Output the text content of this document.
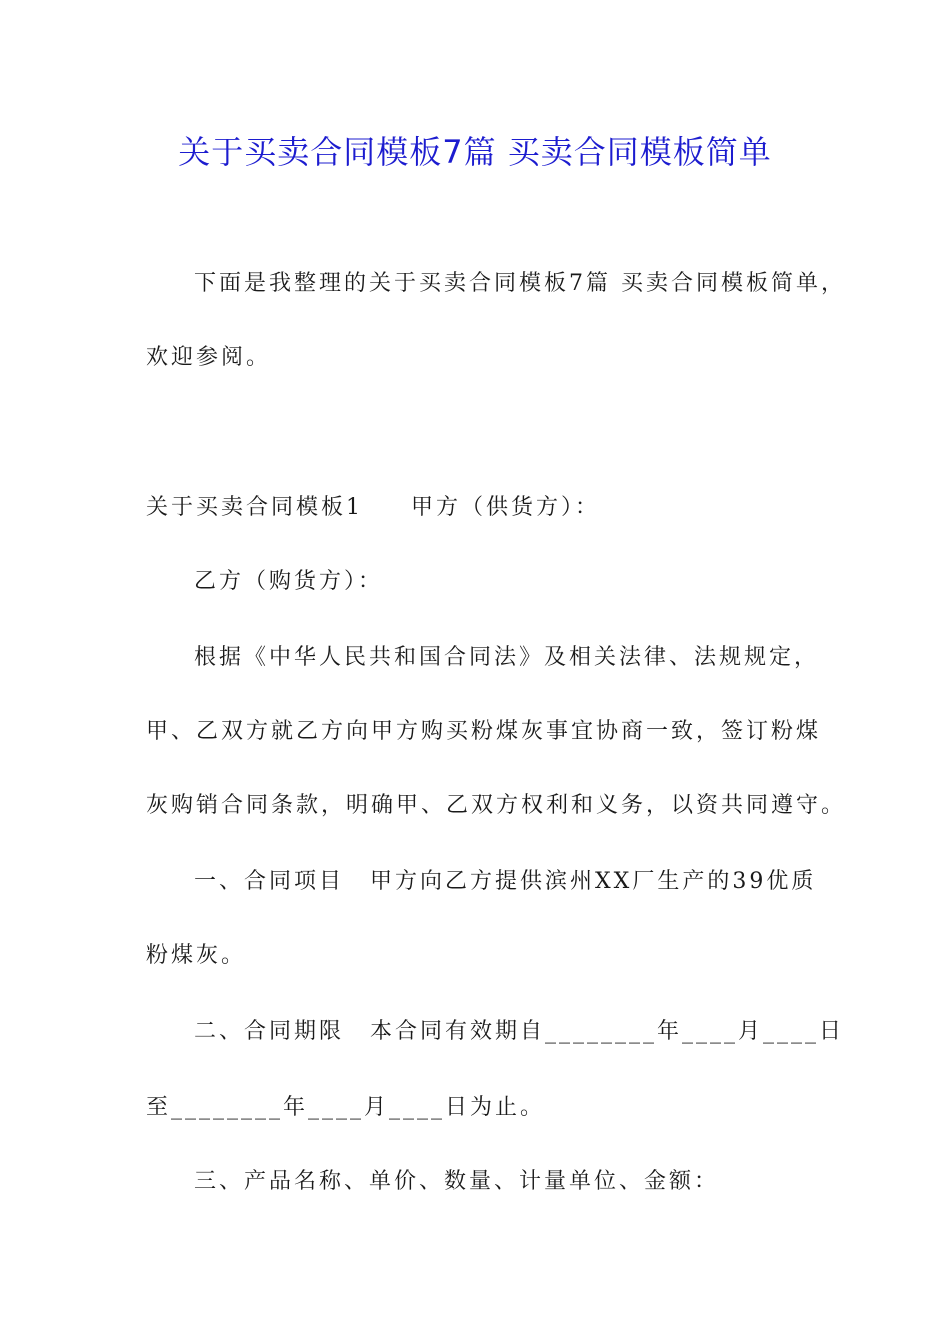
关于买卖合同模板7篇 买卖合同模板简单
下面是我整理的关于买卖合同模板7篇 买卖合同模板简单，
欢迎参阅。
关于买卖合同模板1 甲方（供货方）：
乙方（购货方）：
根据《中华人民共和国合同法》及相关法律、法规规定，
甲、乙双方就乙方向甲方购买粉煤灰事宜协商一致，签订粉煤
灰购销合同条款，明确甲、乙双方权利和义务，以资共同遵守。
一、合同项目 甲方向乙方提供滨州XX厂生产的39优质
粉煤灰。
二、合同期限 本合同有效期自________年____月____日
至________年____月____日为止。
三、产品名称、单价、数量、计量单位、金额：
